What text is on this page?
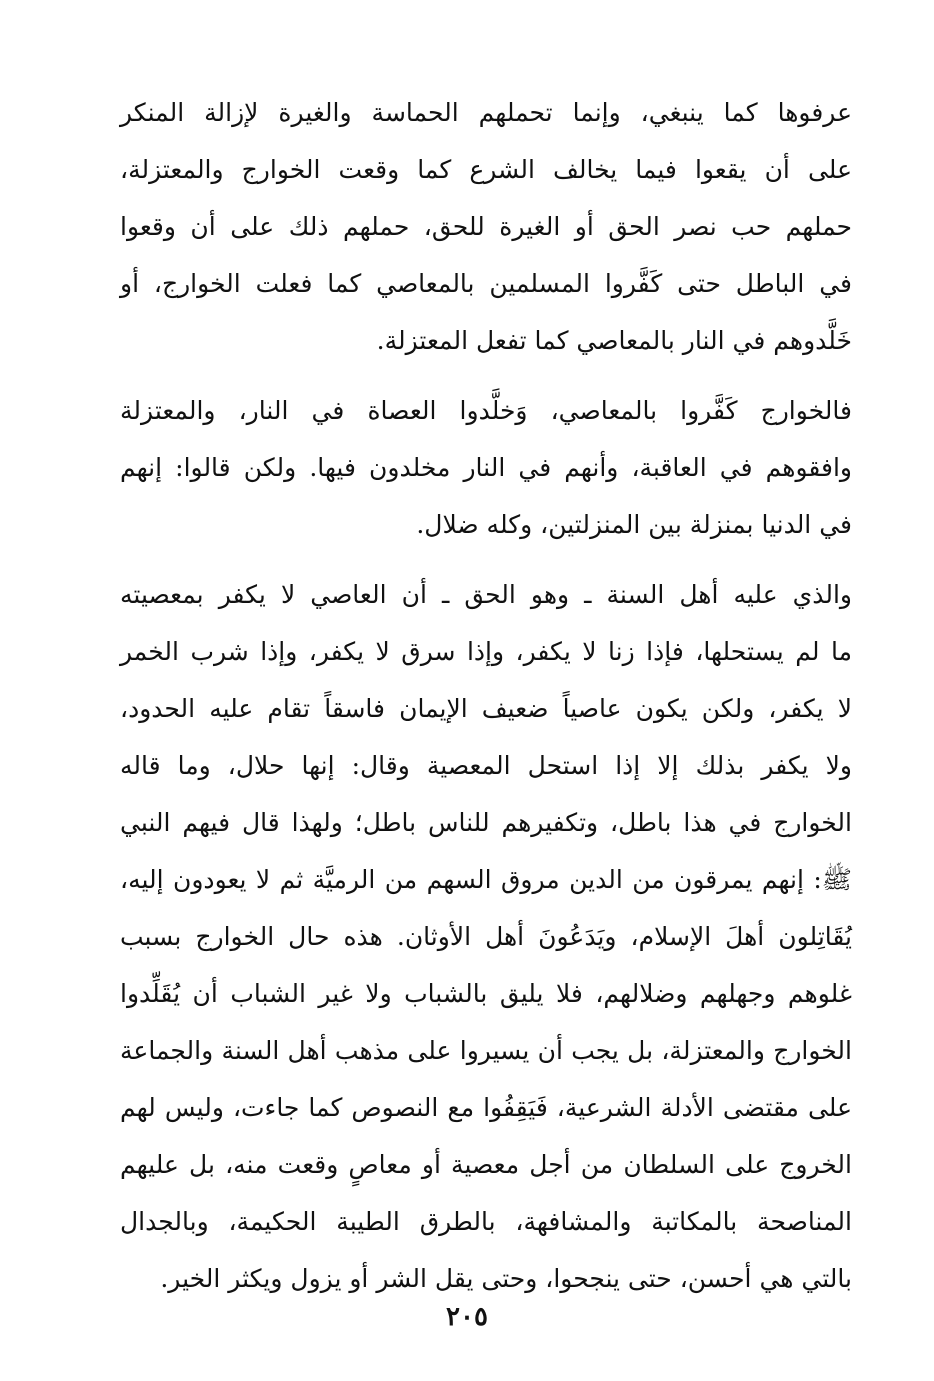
عرفوها كما ينبغي، وإنما تحملهم الحماسة والغيرة لإزالة المنكر
على أن يقعوا فيما يخالف الشرع كما وقعت الخوارج والمعتزلة،
حملهم حب نصر الحق أو الغيرة للحق، حملهم ذلك على أن وقعوا
في الباطل حتى كَفَّروا المسلمين بالمعاصي كما فعلت الخوارج، أو
خَلَّدوهم في النار بالمعاصي كما تفعل المعتزلة.
فالخوارج كَفَّروا بالمعاصي، وَخلَّدوا العصاة في النار، والمعتزلة
وافقوهم في العاقبة، وأنهم في النار مخلدون فيها. ولكن قالوا: إنهم
في الدنيا بمنزلة بين المنزلتين، وكله ضلال.
والذي عليه أهل السنة ـ وهو الحق ـ أن العاصي لا يكفر بمعصيته
ما لم يستحلها، فإذا زنا لا يكفر، وإذا سرق لا يكفر، وإذا شرب الخمر
لا يكفر، ولكن يكون عاصياً ضعيف الإيمان فاسقاً تقام عليه الحدود،
ولا يكفر بذلك إلا إذا استحل المعصية وقال: إنها حلال، وما قاله
الخوارج في هذا باطل، وتكفيرهم للناس باطل؛ ولهذا قال فيهم النبي
ﷺ: إنهم يمرقون من الدين مروق السهم من الرميَّة ثم لا يعودون إليه،
يُقَاتِلون أهلَ الإسلام، ويَدَعُونَ أهل الأوثان. هذه حال الخوارج بسبب
غلوهم وجهلهم وضلالهم، فلا يليق بالشباب ولا غير الشباب أن يُقَلِّدوا
الخوارج والمعتزلة، بل يجب أن يسيروا على مذهب أهل السنة والجماعة
على مقتضى الأدلة الشرعية، فَيَقِفُوا مع النصوص كما جاءت، وليس لهم
الخروج على السلطان من أجل معصية أو معاصٍ وقعت منه، بل عليهم
المناصحة بالمكاتبة والمشافهة، بالطرق الطيبة الحكيمة، وبالجدال
بالتي هي أحسن، حتى ينجحوا، وحتى يقل الشر أو يزول ويكثر الخير.
٢٠٥
